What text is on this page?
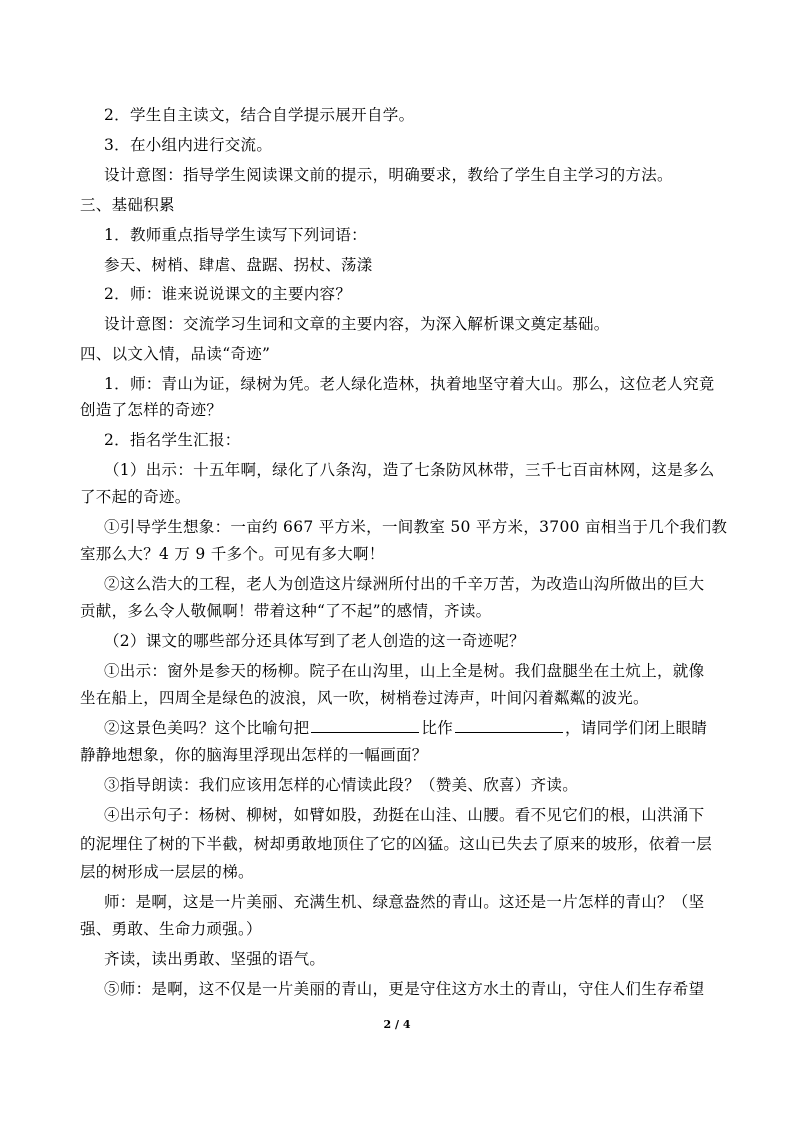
2．学生自主读文，结合自学提示展开自学。
3．在小组内进行交流。
设计意图：指导学生阅读课文前的提示，明确要求，教给了学生自主学习的方法。
三、基础积累
1．教师重点指导学生读写下列词语：
参天、树梢、肆虐、盘踞、拐杖、荡漾
2．师：谁来说说课文的主要内容？
设计意图：交流学习生词和文章的主要内容，为深入解析课文奠定基础。
四、以文入情，品读“奇迹”
1．师：青山为证，绿树为凭。老人绿化造林，执着地坚守着大山。那么，这位老人究竟
创造了怎样的奇迹？
2．指名学生汇报：
（1）出示：十五年啊，绿化了八条沟，造了七条防风林带，三千七百亩林网，这是多么
了不起的奇迹。
①引导学生想象：一亩约 667 平方米，一间教室 50 平方米，3700 亩相当于几个我们教
室那么大？4 万 9 千多个。可见有多大啊！
②这么浩大的工程，老人为创造这片绿洲所付出的千辛万苦，为改造山沟所做出的巨大
贡献，多么令人敬佩啊！带着这种“了不起”的感情，齐读。
（2）课文的哪些部分还具体写到了老人创造的这一奇迹呢？
①出示：窗外是参天的杨柳。院子在山沟里，山上全是树。我们盘腿坐在土炕上，就像
坐在船上，四周全是绿色的波浪，风一吹，树梢卷过涛声，叶间闪着粼粼的波光。
②这景色美吗？这个比喻句把	比作	，请同学们闭上眼睛
静静地想象，你的脑海里浮现出怎样的一幅画面？
③指导朗读：我们应该用怎样的心情读此段？（赞美、欣喜）齐读。
④出示句子：杨树、柳树，如臂如股，劲挺在山洼、山腰。看不见它们的根，山洪涌下
的泥埋住了树的下半截，树却勇敢地顶住了它的凶猛。这山已失去了原来的坡形，依着一层
层的树形成一层层的梯。
师：是啊，这是一片美丽、充满生机、绿意盎然的青山。这还是一片怎样的青山？（坚
强、勇敢、生命力顽强。）
齐读，读出勇敢、坚强的语气。
⑤师：是啊，这不仅是一片美丽的青山，更是守住这方水土的青山，守住人们生存希望
2 / 4
